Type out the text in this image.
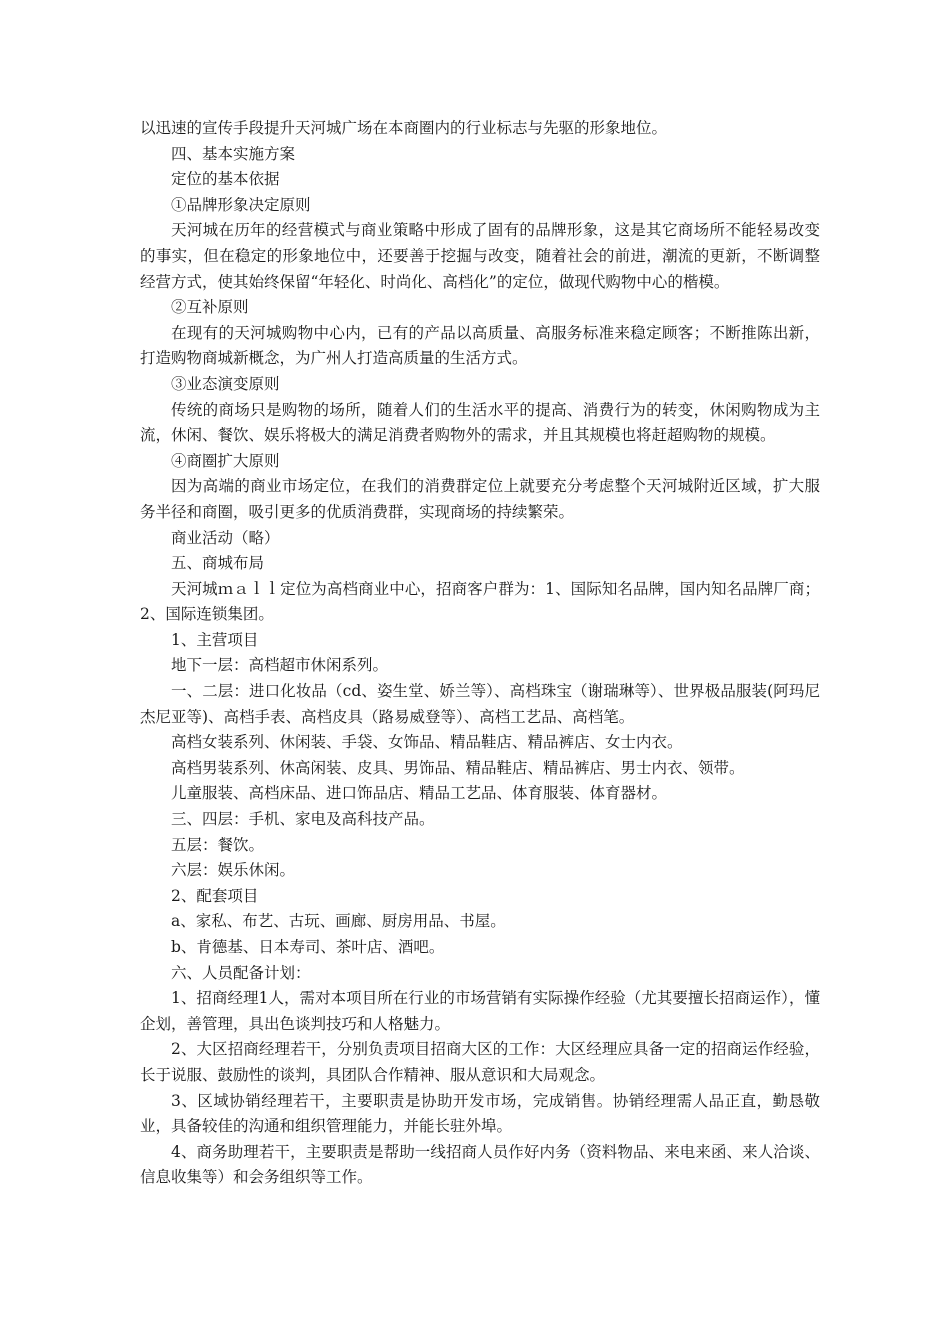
以迅速的宣传手段提升天河城广场在本商圈内的行业标志与先驱的形象地位。

四、基本实施方案

定位的基本依据

①品牌形象决定原则

天河城在历年的经营模式与商业策略中形成了固有的品牌形象，这是其它商场所不能轻易改变的事实，但在稳定的形象地位中，还要善于挖掘与改变，随着社会的前进，潮流的更新，不断调整经营方式，使其始终保留“年轻化、时尚化、高档化”的定位，做现代购物中心的楷模。

②互补原则

在现有的天河城购物中心内，已有的产品以高质量、高服务标准来稳定顾客；不断推陈出新，打造购物商城新概念，为广州人打造高质量的生活方式。

③业态演变原则

传统的商场只是购物的场所，随着人们的生活水平的提高、消费行为的转变，休闲购物成为主流，休闲、餐饮、娱乐将极大的满足消费者购物外的需求，并且其规模也将赶超购物的规模。

④商圈扩大原则

因为高端的商业市场定位，在我们的消费群定位上就要充分考虑整个天河城附近区域，扩大服务半径和商圈，吸引更多的优质消费群，实现商场的持续繁荣。

商业活动（略）

五、商城布局

天河城ｍａｌｌ定位为高档商业中心，招商客户群为：1、国际知名品牌，国内知名品牌厂商；2、国际连锁集团。

1、主营项目

地下一层：高档超市休闲系列。

一、二层：进口化妆品（cd、姿生堂、娇兰等）、高档珠宝（谢瑞琳等）、世界极品服装(阿玛尼杰尼亚等)、高档手表、高档皮具（路易威登等）、高档工艺品、高档笔。

高档女装系列、休闲装、手袋、女饰品、精品鞋店、精品裤店、女士内衣。

高档男装系列、休高闲装、皮具、男饰品、精品鞋店、精品裤店、男士内衣、领带。

儿童服装、高档床品、进口饰品店、精品工艺品、体育服装、体育器材。

三、四层：手机、家电及高科技产品。

五层：餐饮。

六层：娱乐休闲。

2、配套项目

a、家私、布艺、古玩、画廊、厨房用品、书屋。

b、肯德基、日本寿司、茶叶店、酒吧。

六、人员配备计划：

1、招商经理1人，需对本项目所在行业的市场营销有实际操作经验（尤其要擅长招商运作），懂企划，善管理，具出色谈判技巧和人格魅力。

2、大区招商经理若干，分别负责项目招商大区的工作：大区经理应具备一定的招商运作经验，长于说服、鼓励性的谈判，具团队合作精神、服从意识和大局观念。

3、区域协销经理若干，主要职责是协助开发市场，完成销售。协销经理需人品正直，勤恳敬业，具备较佳的沟通和组织管理能力，并能长驻外埠。

4、商务助理若干，主要职责是帮助一线招商人员作好内务（资料物品、来电来函、来人洽谈、信息收集等）和会务组织等工作。
